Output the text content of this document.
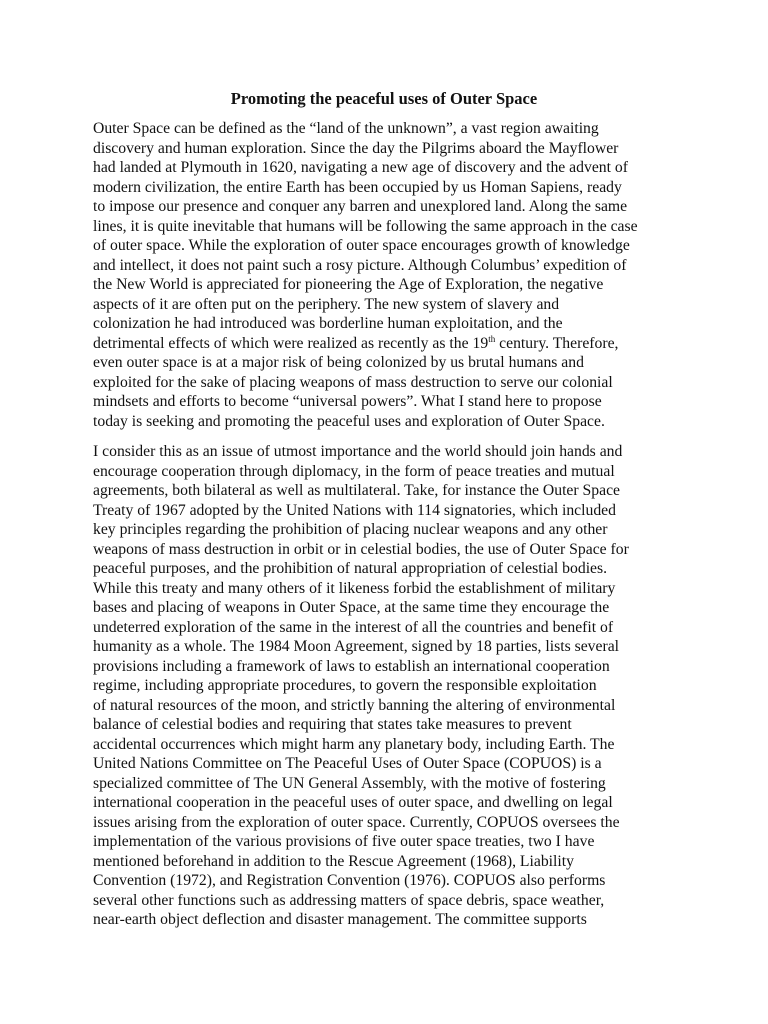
Promoting the peaceful uses of Outer Space
Outer Space can be defined as the “land of the unknown”, a vast region awaiting
discovery and human exploration. Since the day the Pilgrims aboard the Mayflower
had landed at Plymouth in 1620, navigating a new age of discovery and the advent of
modern civilization, the entire Earth has been occupied by us Homan Sapiens, ready
to impose our presence and conquer any barren and unexplored land. Along the same
lines, it is quite inevitable that humans will be following the same approach in the case
of outer space. While the exploration of outer space encourages growth of knowledge
and intellect, it does not paint such a rosy picture. Although Columbus’ expedition of
the New World is appreciated for pioneering the Age of Exploration, the negative
aspects of it are often put on the periphery. The new system of slavery and
colonization he had introduced was borderline human exploitation, and the
detrimental effects of which were realized as recently as the 19th century. Therefore,
even outer space is at a major risk of being colonized by us brutal humans and
exploited for the sake of placing weapons of mass destruction to serve our colonial
mindsets and efforts to become “universal powers”. What I stand here to propose
today is seeking and promoting the peaceful uses and exploration of Outer Space.
I consider this as an issue of utmost importance and the world should join hands and
encourage cooperation through diplomacy, in the form of peace treaties and mutual
agreements, both bilateral as well as multilateral. Take, for instance the Outer Space
Treaty of 1967 adopted by the United Nations with 114 signatories, which included
key principles regarding the prohibition of placing nuclear weapons and any other
weapons of mass destruction in orbit or in celestial bodies, the use of Outer Space for
peaceful purposes, and the prohibition of natural appropriation of celestial bodies.
While this treaty and many others of it likeness forbid the establishment of military
bases and placing of weapons in Outer Space, at the same time they encourage the
undeterred exploration of the same in the interest of all the countries and benefit of
humanity as a whole. The 1984 Moon Agreement, signed by 18 parties, lists several
provisions including a framework of laws to establish an international cooperation
regime, including appropriate procedures, to govern the responsible exploitation
of natural resources of the moon, and strictly banning the altering of environmental
balance of celestial bodies and requiring that states take measures to prevent
accidental occurrences which might harm any planetary body, including Earth. The
United Nations Committee on The Peaceful Uses of Outer Space (COPUOS) is a
specialized committee of The UN General Assembly, with the motive of fostering
international cooperation in the peaceful uses of outer space, and dwelling on legal
issues arising from the exploration of outer space. Currently, COPUOS oversees the
implementation of the various provisions of five outer space treaties, two I have
mentioned beforehand in addition to the Rescue Agreement (1968), Liability
Convention (1972), and Registration Convention (1976). COPUOS also performs
several other functions such as addressing matters of space debris, space weather,
near-earth object deflection and disaster management. The committee supports
